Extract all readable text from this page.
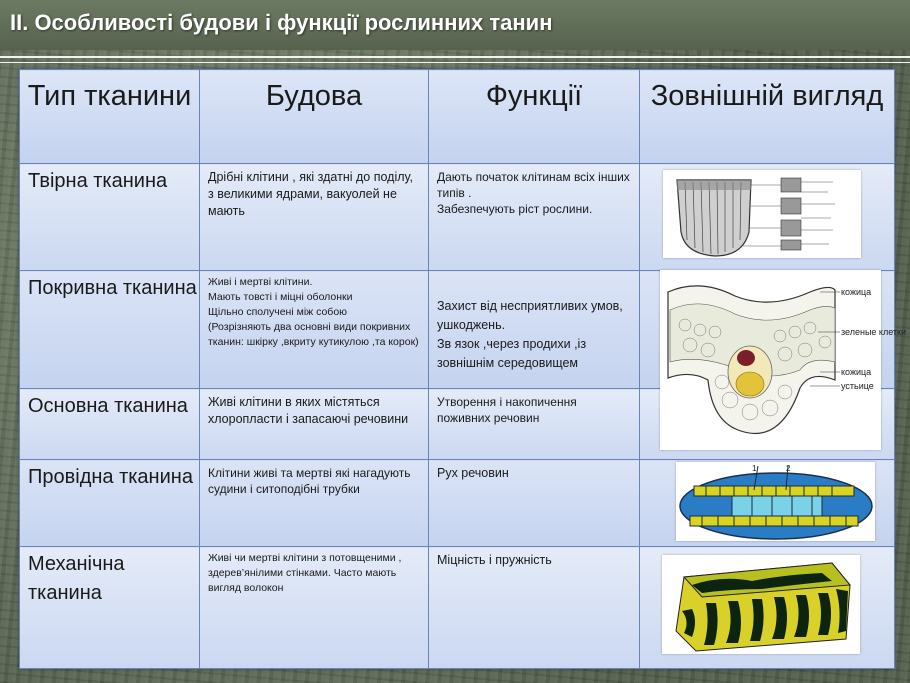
II. Особливості будови і функції рослинних танин
Тип тканини	Будова	Функції	Зовнішній вигляд

Твірна тканина	Дрібні клітини , які здатні до поділу, з великими ядрами, вакуолей не мають	Дають початок клітинам всіх інших типів .
Забезпечують ріст рослини.	

Покривна тканина	Живі і мертві клітини.
Мають товсті і міцні оболонки
Щільно сполучені між собою
(Розрізняють два основні види покривних тканин: шкірку ,вкриту кутикулою ,та корок)	Захист від несприятливих умов, ушкоджень.
Зв язок ,через продихи ,із зовнішнім середовищем	

Основна тканина	Живі клітини в яких містяться хлоропласти і запасаючі речовини	Утворення і накопичення поживних речовин	

Провідна тканина	Клітини живі та мертві які нагадують судини і ситоподібні трубки	Рух речовин	

Механічна тканина	Живі чи мертві клітини з потовщеними , здерев’янілими стінками. Часто мають вигляд волокон	Міцність і пружність	

кожица
зеленые клетки
кожица
устьице
1	2
